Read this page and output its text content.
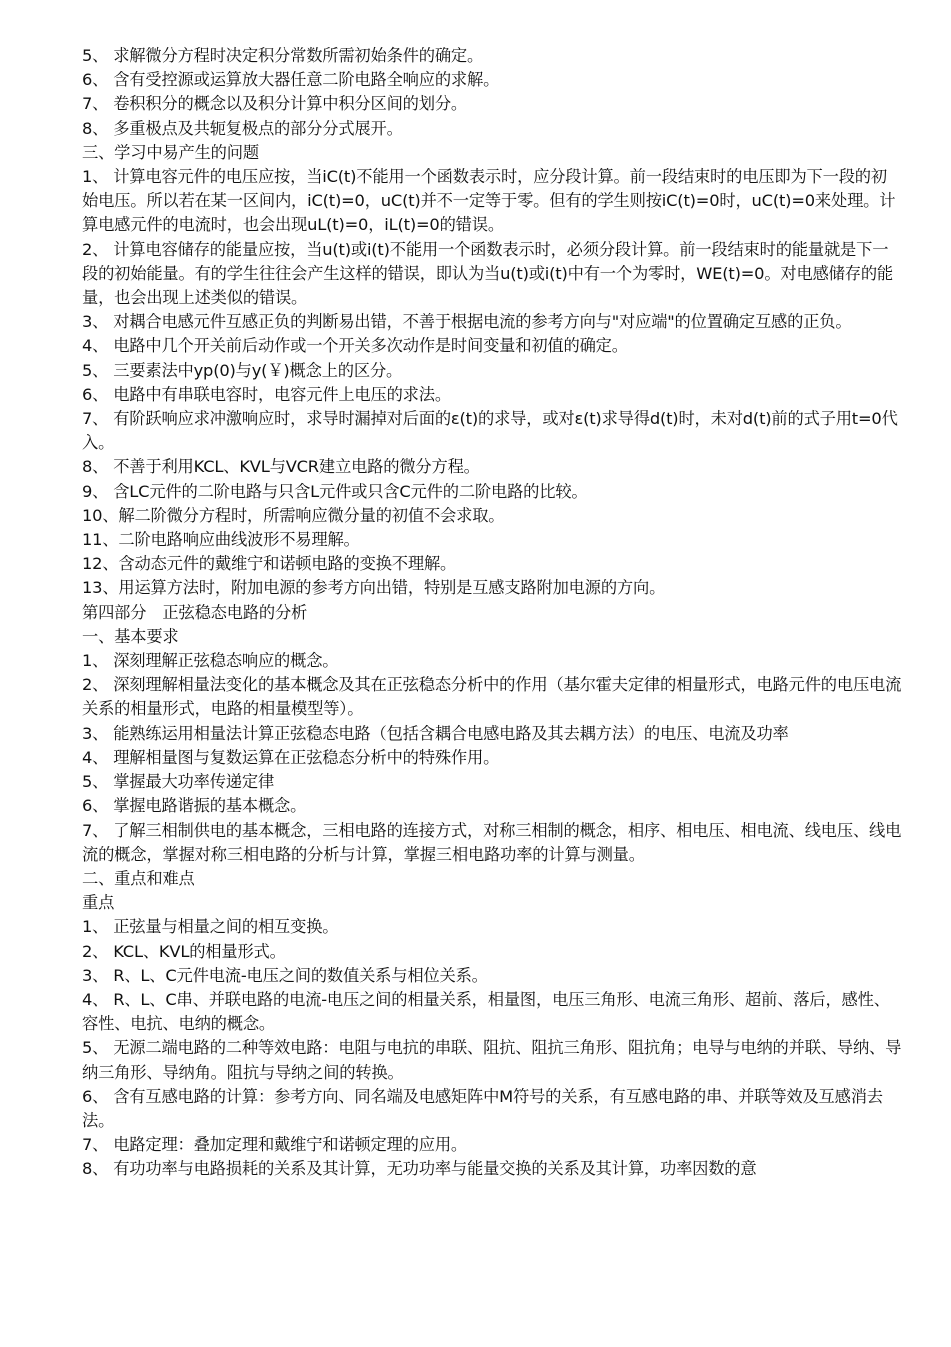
5、 求解微分方程时决定积分常数所需初始条件的确定。

6、 含有受控源或运算放大器任意二阶电路全响应的求解。

7、 卷积积分的概念以及积分计算中积分区间的划分。

8、 多重极点及共轭复极点的部分分式展开。

三、学习中易产生的问题

1、 计算电容元件的电压应按，当iC(t)不能用一个函数表示时，应分段计算。前一段结束时的电压即为下一段的初始电压。所以若在某一区间内，iC(t)=0，uC(t)并不一定等于零。但有的学生则按iC(t)=0时，uC(t)=0来处理。计算电感元件的电流时，也会出现uL(t)=0，iL(t)=0的错误。

2、 计算电容储存的能量应按，当u(t)或i(t)不能用一个函数表示时，必须分段计算。前一段结束时的能量就是下一段的初始能量。有的学生往往会产生这样的错误，即认为当u(t)或i(t)中有一个为零时，WE(t)=0。对电感储存的能量，也会出现上述类似的错误。

3、 对耦合电感元件互感正负的判断易出错，不善于根据电流的参考方向与"对应端"的位置确定互感的正负。

4、 电路中几个开关前后动作或一个开关多次动作是时间变量和初值的确定。

5、 三要素法中yp(0)与y(￥)概念上的区分。

6、 电路中有串联电容时，电容元件上电压的求法。

7、 有阶跃响应求冲激响应时，求导时漏掉对后面的ε(t)的求导，或对ε(t)求导得d(t)时，未对d(t)前的式子用t=0代入。

8、 不善于利用KCL、KVL与VCR建立电路的微分方程。

9、 含LC元件的二阶电路与只含L元件或只含C元件的二阶电路的比较。

10、解二阶微分方程时，所需响应微分量的初值不会求取。

11、二阶电路响应曲线波形不易理解。

12、含动态元件的戴维宁和诺顿电路的变换不理解。

13、用运算方法时，附加电源的参考方向出错，特别是互感支路附加电源的方向。

第四部分　正弦稳态电路的分析

一、基本要求

1、 深刻理解正弦稳态响应的概念。

2、 深刻理解相量法变化的基本概念及其在正弦稳态分析中的作用（基尔霍夫定律的相量形式，电路元件的电压电流关系的相量形式，电路的相量模型等）。

3、 能熟练运用相量法计算正弦稳态电路（包括含耦合电感电路及其去耦方法）的电压、电流及功率

4、 理解相量图与复数运算在正弦稳态分析中的特殊作用。

5、 掌握最大功率传递定律

6、 掌握电路谐振的基本概念。

7、 了解三相制供电的基本概念，三相电路的连接方式，对称三相制的概念，相序、相电压、相电流、线电压、线电流的概念，掌握对称三相电路的分析与计算，掌握三相电路功率的计算与测量。

二、重点和难点

重点

1、 正弦量与相量之间的相互变换。

2、 KCL、KVL的相量形式。

3、 R、L、C元件电流-电压之间的数值关系与相位关系。

4、 R、L、C串、并联电路的电流-电压之间的相量关系，相量图，电压三角形、电流三角形、超前、落后，感性、容性、电抗、电纳的概念。

5、 无源二端电路的二种等效电路：电阻与电抗的串联、阻抗、阻抗三角形、阻抗角；电导与电纳的并联、导纳、导纳三角形、导纳角。阻抗与导纳之间的转换。

6、 含有互感电路的计算：参考方向、同名端及电感矩阵中M符号的关系，有互感电路的串、并联等效及互感消去法。

7、 电路定理：叠加定理和戴维宁和诺顿定理的应用。

8、 有功功率与电路损耗的关系及其计算，无功功率与能量交换的关系及其计算，功率因数的意
